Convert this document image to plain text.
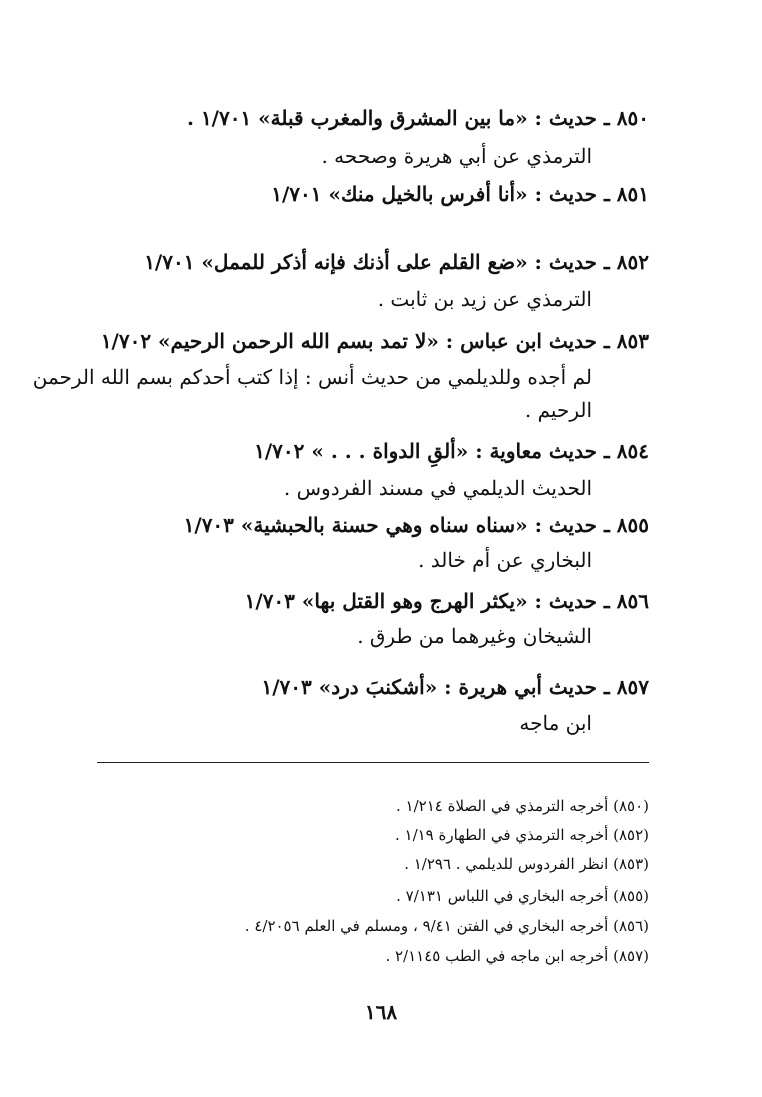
٨٥٠ ـ حديث : «ما بين المشرق والمغرب قبلة» ١/٧٠١ .
الترمذي عن أبي هريرة وصححه .
٨٥١ ـ حديث : «أنا أفرس بالخيل منك» ١/٧٠١
٨٥٢ ـ حديث : «ضع القلم على أذنك فإنه أذكر للممل» ١/٧٠١
الترمذي عن زيد بن ثابت .
٨٥٣ ـ حديث ابن عباس : «لا تمد بسم الله الرحمن الرحيم» ١/٧٠٢
لم أجده وللديلمي من حديث أنس : إذا كتب أحدكم بسم الله الرحمن
الرحيم .
٨٥٤ ـ حديث معاوية : «ألقِ الدواة . . . » ١/٧٠٢
الحديث الديلمي في مسند الفردوس .
٨٥٥ ـ حديث : «سناه سناه وهي حسنة بالحبشية» ١/٧٠٣
البخاري عن أم خالد .
٨٥٦ ـ حديث : «يكثر الهرج وهو القتل بها» ١/٧٠٣
الشيخان وغيرهما من طرق .
٨٥٧ ـ حديث أبي هريرة : «أشكنبَ درد» ١/٧٠٣
ابن ماجه
(٨٥٠) أخرجه الترمذي في الصلاة ١/٢١٤ .
(٨٥٢) أخرجه الترمذي في الطهارة ١/١٩ .
(٨٥٣) انظر الفردوس للديلمي . ١/٢٩٦ .
(٨٥٥) أخرجه البخاري في اللباس ٧/١٣١ .
(٨٥٦) أخرجه البخاري في الفتن ٩/٤١ ، ومسلم في العلم ٤/٢٠٥٦ .
(٨٥٧) أخرجه ابن ماجه في الطب ٢/١١٤٥ .
١٦٨
